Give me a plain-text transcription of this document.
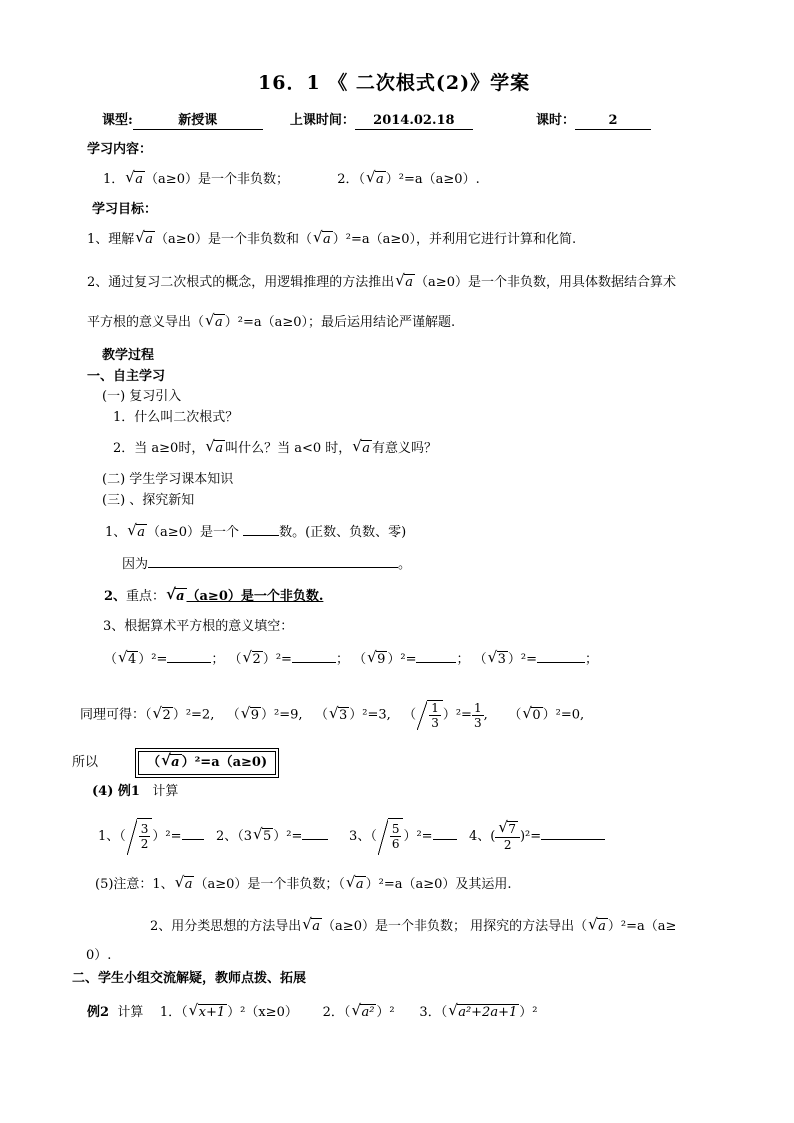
16．1 《 二次根式(2)》学案
课型:	新授课	上课时间： 2014.02.18	课时：	2
学习内容：
1． √ a （a≥0）是一个非负数；	2．（ √ a ）²=a（a≥0）.
学习目标：
1、理解 √ a （a≥0）是一个非负数和（ √ a ）²=a（a≥0），并利用它进行计算和化简.
2、通过复习二次根式的概念，用逻辑推理的方法推出 √ a （a≥0）是一个非负数，用具体数据结合算术
平方根的意义导出（ √ a ）²=a（a≥0）；最后运用结论严谨解题.
教学过程
一、自主学习
(一) 复习引入
1．什么叫二次根式？
2．当 a≥0时， √ a 叫什么？当 a<0 时， √ a 有意义吗？
(二) 学生学习课本知识
(三) 、探究新知
1、 √ a （a≥0）是一个	数。(正数、负数、零)
因为	。
2、重点： √ a （a≥0）是一个非负数.
3、根据算术平方根的意义填空：
（ √ 4 ）²=	； （ √ 2 ）²=	； （ √ 9 ）²=	； （ √ 3 ）²=	；
同理可得：（ √ 2 ）²=2,   （ √ 9 ）²=9,   （ √ 3 ）²=3,   （ $\frac{1}{3} )^2= \frac{1}{3}$ ,     （ √ 0 ）²=0,
所以	（ √ a ）²=a（a≥0)
(4) 例1 计算
1、（ $\frac{3}{2} )^2=$	2、（3 √ 5 ）²=	3、（ $\frac{5}{6} )^2=$	4、( √ $\frac{7}{2} )^2=$
(5)注意：1、 √ a （a≥0）是一个非负数；（ √ a ）²=a（a≥0）及其运用.
2、用分类思想的方法导出 √ a （a≥0）是一个非负数； 用探究的方法导出（ √ a ）²=a（a≥
0）.
二、学生小组交流解疑，教师点拨、拓展
例2 计算 1．（ √ x+1 ）²（x≥0） 2．（ √ a² ）² 3．（ √ a²+2a+1 ）²
